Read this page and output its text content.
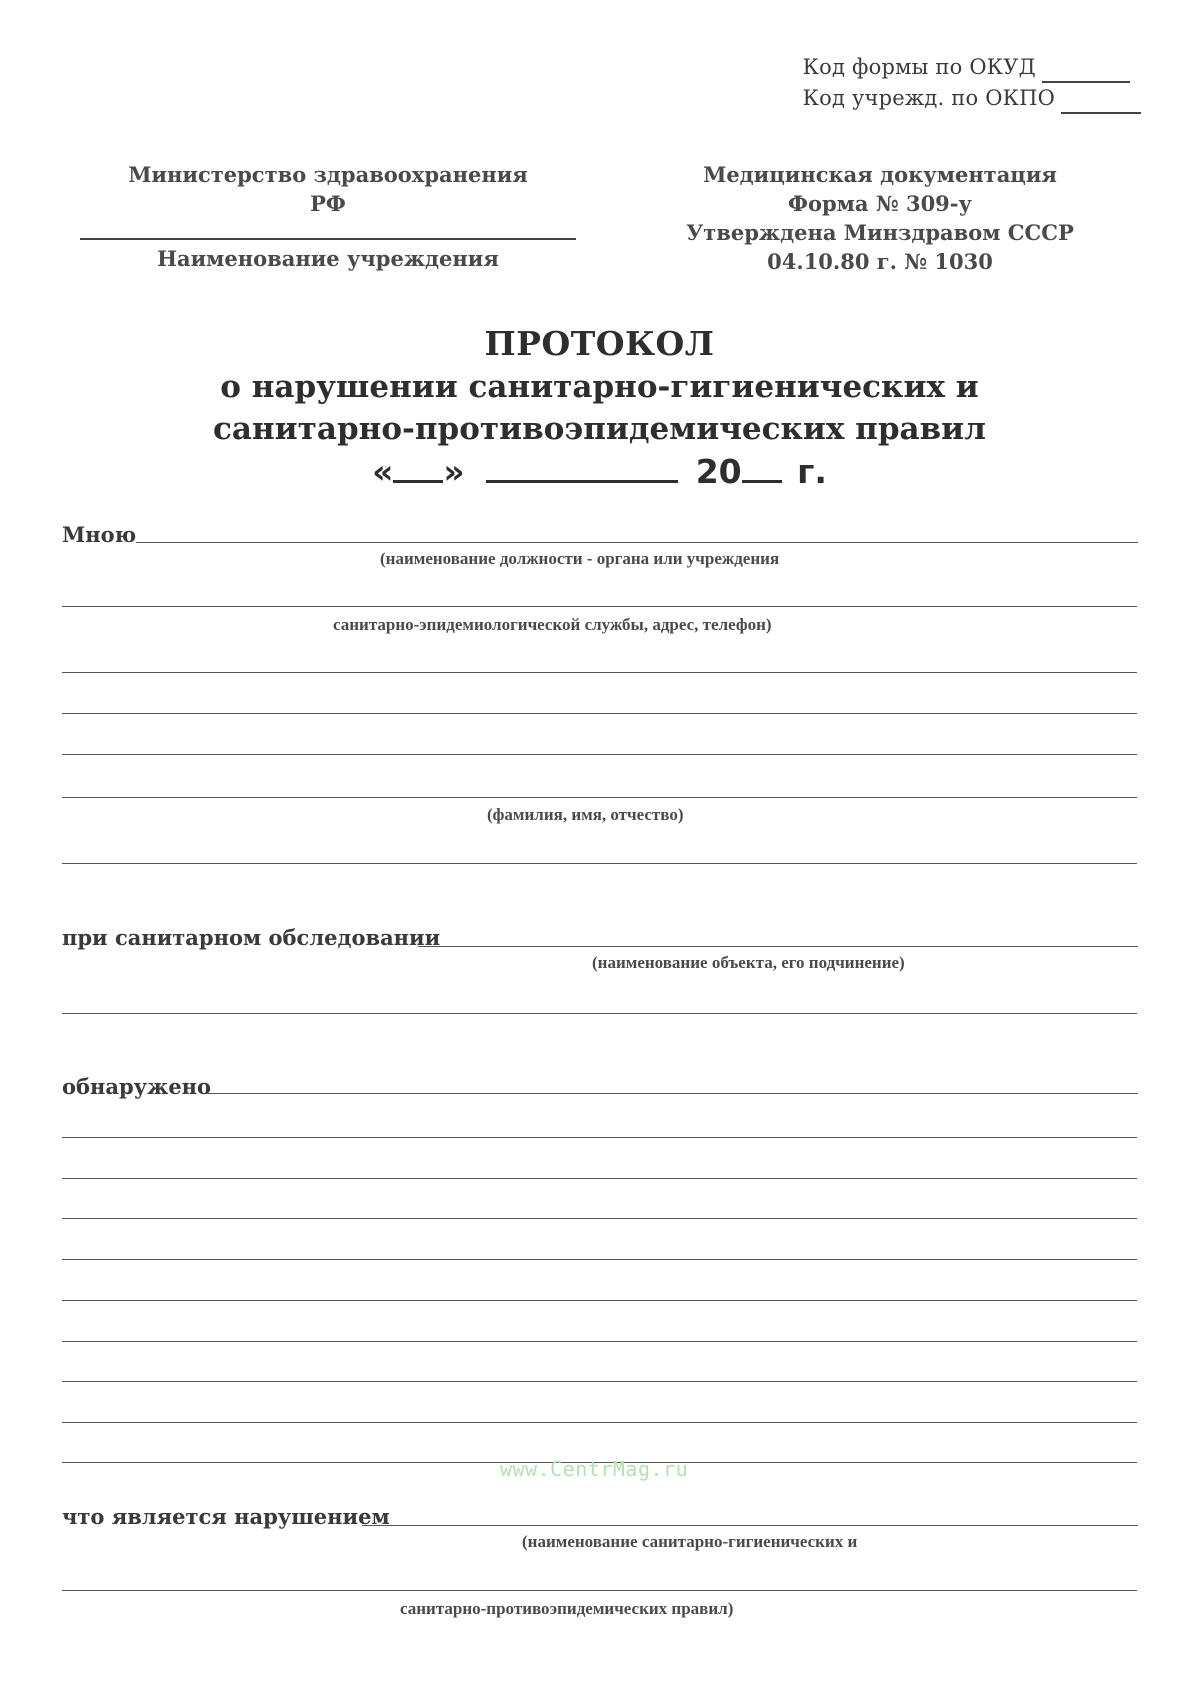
Код формы по ОКУД
Код учрежд. по ОКПО
Министерство здравоохранения
РФ
Наименование учреждения
Медицинская документация
Форма № 309-у
Утверждена Минздравом СССР
04.10.80 г. № 1030
ПРОТОКОЛ
о нарушении санитарно-гигиенических и
санитарно-противоэпидемических правил
« »	20 г.
Мною
(наименование должности - органа или учреждения
санитарно-эпидемиологической службы, адрес, телефон)
(фамилия, имя, отчество)
при санитарном обследовании
(наименование объекта, его подчинение)
обнаружено
www.CentrMag.ru
что является нарушением
(наименование санитарно-гигиенических и
санитарно-противоэпидемических правил)
